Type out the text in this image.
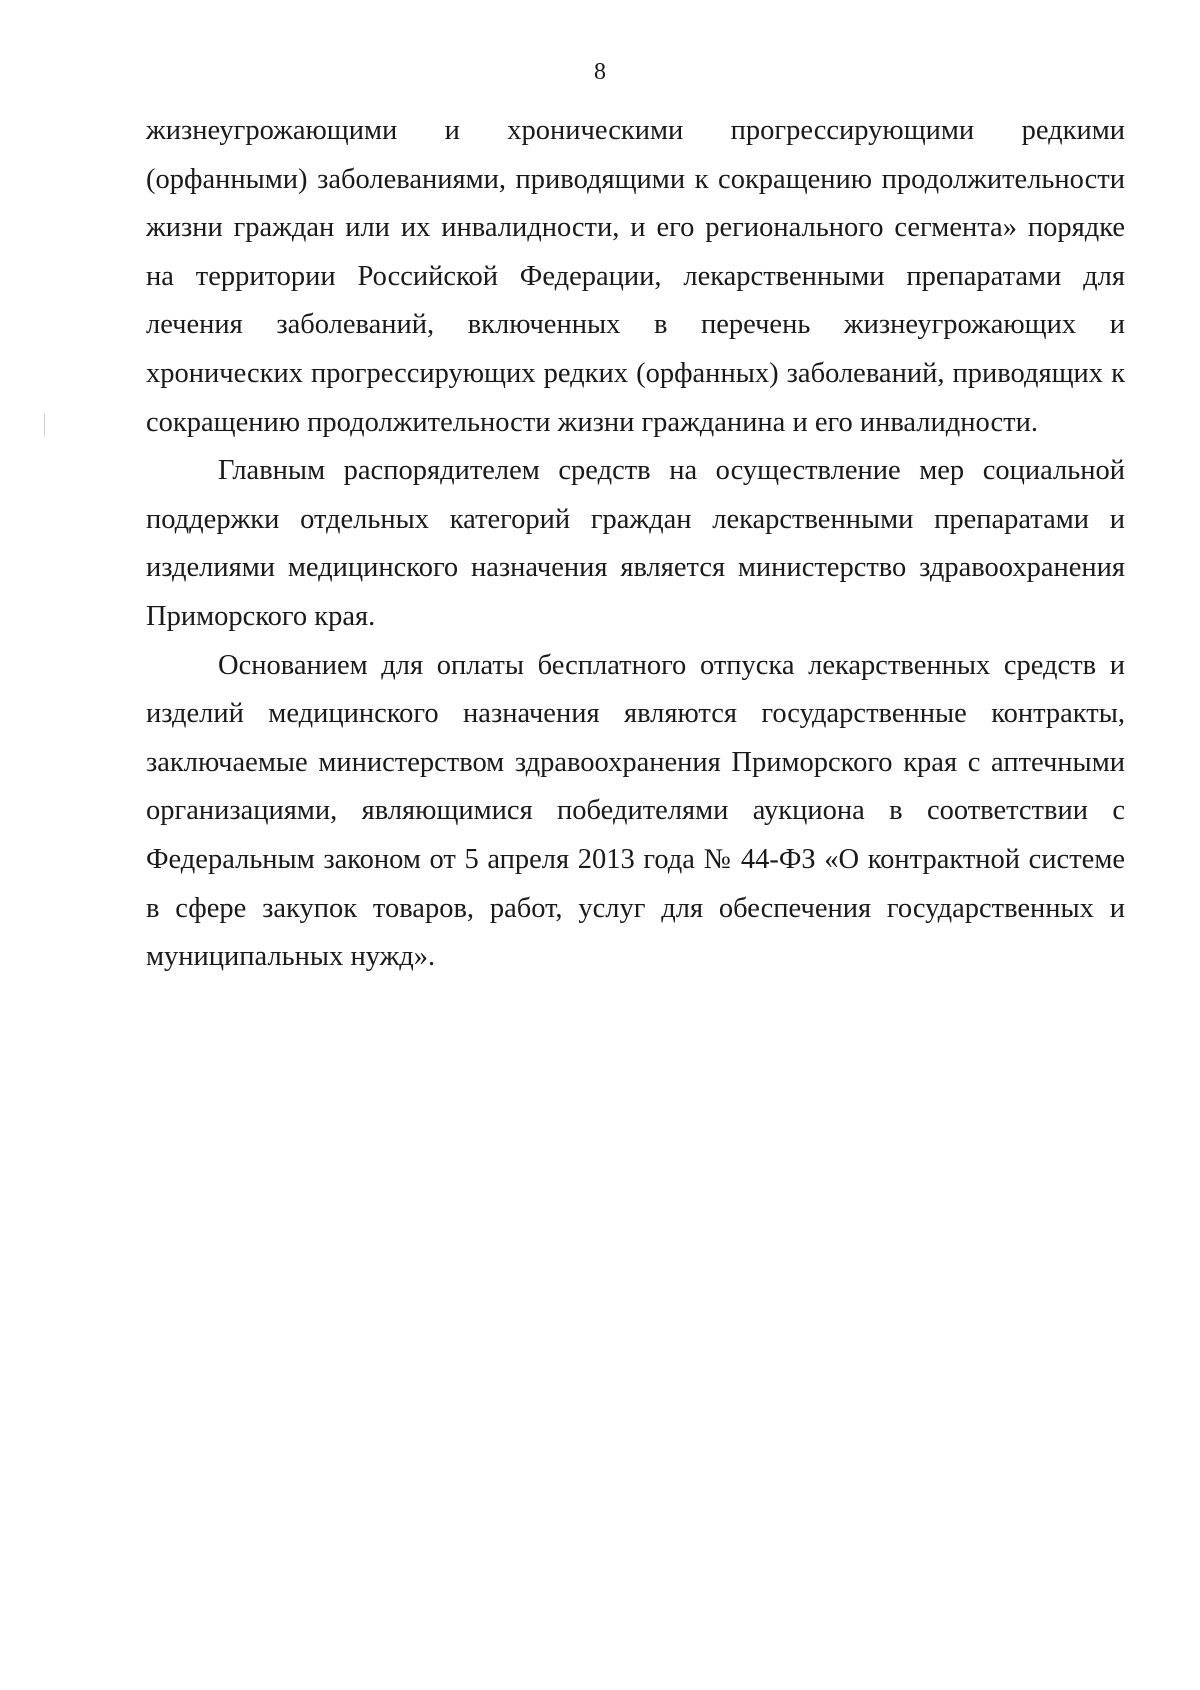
8

жизнеугрожающими и хроническими прогрессирующими редкими (орфанными) заболеваниями, приводящими к сокращению продолжительности жизни граждан или их инвалидности, и его регионального сегмента» порядке на территории Российской Федерации, лекарственными препаратами для лечения заболеваний, включенных в перечень жизнеугрожающих и хронических прогрессирующих редких (орфанных) заболеваний, приводящих к сокращению продолжительности жизни гражданина и его инвалидности.

Главным распорядителем средств на осуществление мер социальной поддержки отдельных категорий граждан лекарственными препаратами и изделиями медицинского назначения является министерство здравоохранения Приморского края.

Основанием для оплаты бесплатного отпуска лекарственных средств и изделий медицинского назначения являются государственные контракты, заключаемые министерством здравоохранения Приморского края с аптечными организациями, являющимися победителями аукциона в соответствии с Федеральным законом от 5 апреля 2013 года № 44-ФЗ «О контрактной системе в сфере закупок товаров, работ, услуг для обеспечения государственных и муниципальных нужд».
